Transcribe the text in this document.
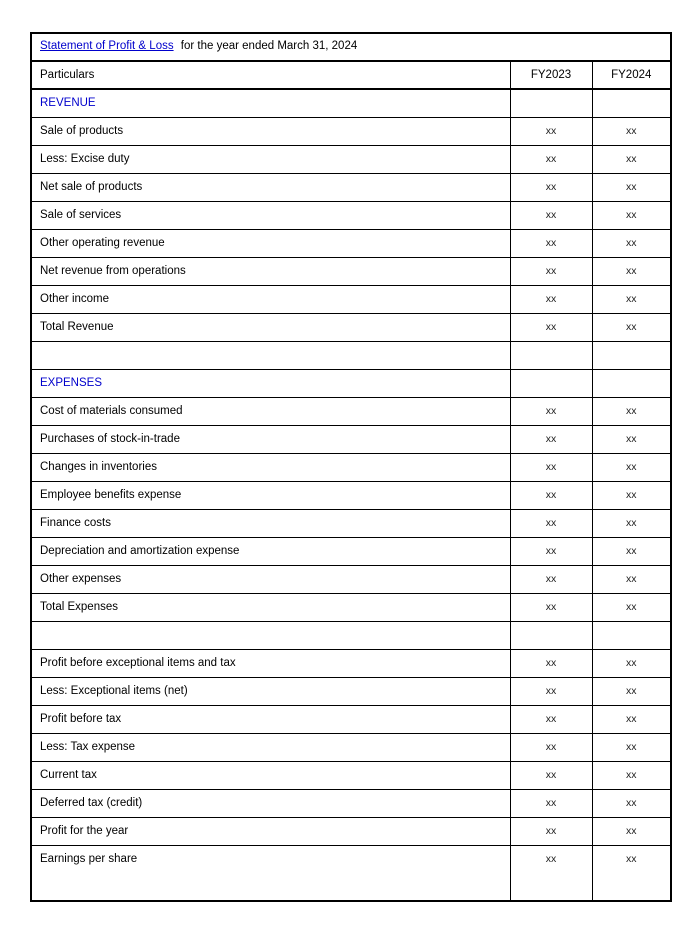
Statement of Profit & Loss for the year ended March 31, 2024		
Particulars	FY2023	FY2024
REVENUE		
Sale of products	xx	xx
Less: Excise duty	xx	xx
Net sale of products	xx	xx
Sale of services	xx	xx
Other operating revenue	xx	xx
Net revenue from operations	xx	xx
Other income	xx	xx
Total Revenue	xx	xx

EXPENSES		
Cost of materials consumed	xx	xx
Purchases of stock-in-trade	xx	xx
Changes in inventories	xx	xx
Employee benefits expense	xx	xx
Finance costs	xx	xx
Depreciation and amortization expense	xx	xx
Other expenses	xx	xx
Total Expenses	xx	xx

Profit before exceptional items and tax	xx	xx
Less: Exceptional items (net)	xx	xx
Profit before tax	xx	xx
Less: Tax expense	xx	xx
Current tax	xx	xx
Deferred tax (credit)	xx	xx
Profit for the year	xx	xx
Earnings per share	xx	xx
